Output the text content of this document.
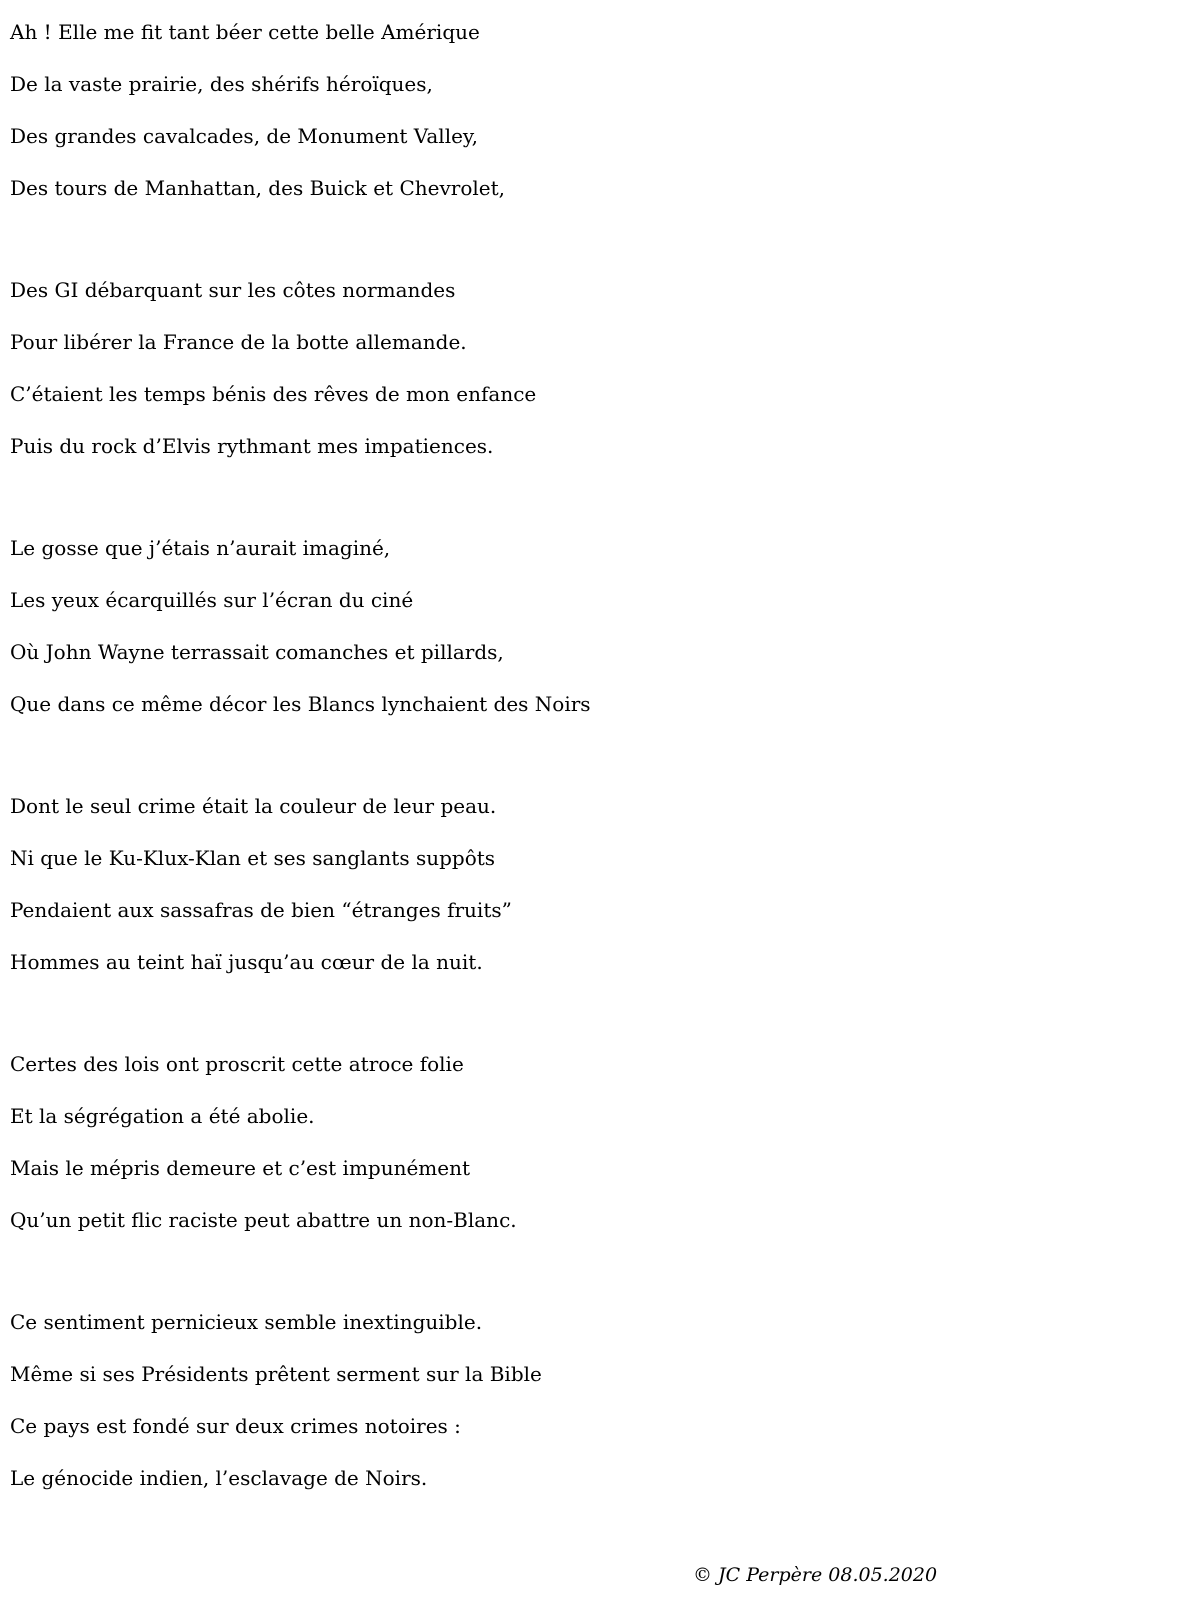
Ah ! Elle me fit tant béer cette belle Amérique
De la vaste prairie, des shérifs héroïques,
Des grandes cavalcades, de Monument Valley,
Des tours de Manhattan, des Buick et Chevrolet,
Des GI débarquant sur les côtes normandes
Pour libérer la France de la botte allemande.
C’étaient les temps bénis des rêves de mon enfance
Puis du rock d’Elvis rythmant mes impatiences.
Le gosse que j’étais n’aurait imaginé,
Les yeux écarquillés sur l’écran du ciné
Où John Wayne terrassait comanches et pillards,
Que dans ce même décor les Blancs lynchaient des Noirs
Dont le seul crime était la couleur de leur peau.
Ni que le Ku-Klux-Klan et ses sanglants suppôts
Pendaient aux sassafras de bien “étranges fruits”
Hommes au teint haï jusqu’au cœur de la nuit.
Certes des lois ont proscrit cette atroce folie
Et la ségrégation a été abolie.
Mais le mépris demeure et c’est impunément
Qu’un petit flic raciste peut abattre un non-Blanc.
Ce sentiment pernicieux semble inextinguible.
Même si ses Présidents prêtent serment sur la Bible
Ce pays est fondé sur deux crimes notoires :
Le génocide indien, l’esclavage de Noirs.
© JC Perpère 08.05.2020
